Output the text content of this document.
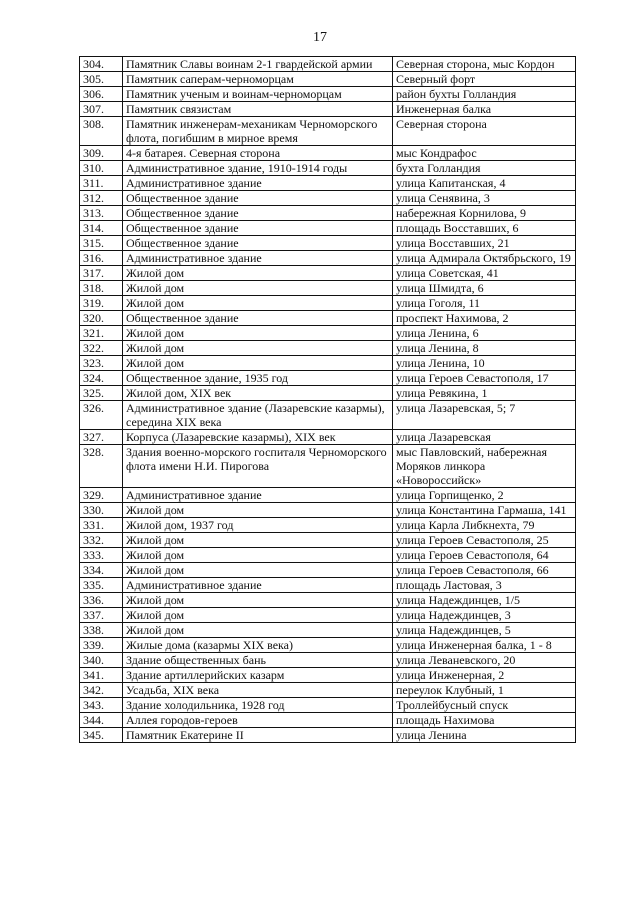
17
304.	Памятник Славы воинам 2-1 гвардейской армии	Северная сторона, мыс Кордон
305.	Памятник саперам-черноморцам	Северный форт
306.	Памятник ученым и воинам-черноморцам	район бухты Голландия
307.	Памятник связистам	Инженерная балка
308.	Памятник инженерам-механикам Черноморского флота, погибшим в мирное время	Северная сторона
309.	4-я батарея. Северная сторона	мыс Кондрафос
310.	Административное здание, 1910-1914 годы	бухта Голландия
311.	Административное здание	улица Капитанская, 4
312.	Общественное здание	улица Сенявина, 3
313.	Общественное здание	набережная Корнилова, 9
314.	Общественное здание	площадь Восставших, 6
315.	Общественное здание	улица Восставших, 21
316.	Административное здание	улица Адмирала Октябрьского, 19
317.	Жилой дом	улица Советская, 41
318.	Жилой дом	улица Шмидта, 6
319.	Жилой дом	улица Гоголя, 11
320.	Общественное здание	проспект Нахимова, 2
321.	Жилой дом	улица Ленина, 6
322.	Жилой дом	улица Ленина, 8
323.	Жилой дом	улица Ленина, 10
324.	Общественное здание, 1935 год	улица Героев Севастополя, 17
325.	Жилой дом, XIX век	улица Ревякина, 1
326.	Административное здание (Лазаревские казармы), середина XIX века	улица Лазаревская, 5; 7
327.	Корпуса (Лазаревские казармы), XIX век	улица Лазаревская
328.	Здания военно-морского госпиталя Черноморского флота имени Н.И. Пирогова	мыс Павловский, набережная Моряков линкора «Новороссийск»
329.	Административное здание	улица Горпищенко, 2
330.	Жилой дом	улица Константина Гармаша, 141
331.	Жилой дом, 1937 год	улица Карла Либкнехта, 79
332.	Жилой дом	улица Героев Севастополя, 25
333.	Жилой дом	улица Героев Севастополя, 64
334.	Жилой дом	улица Героев Севастополя, 66
335.	Административное здание	площадь Ластовая, 3
336.	Жилой дом	улица Надеждинцев, 1/5
337.	Жилой дом	улица Надеждинцев, 3
338.	Жилой дом	улица Надеждинцев, 5
339.	Жилые дома (казармы XIX века)	улица Инженерная балка, 1 - 8
340.	Здание общественных бань	улица Леваневского, 20
341.	Здание артиллерийских казарм	улица Инженерная, 2
342.	Усадьба, XIX века	переулок Клубный, 1
343.	Здание холодильника, 1928 год	Троллейбусный спуск
344.	Аллея городов-героев	площадь Нахимова
345.	Памятник Екатерине II	улица Ленина
